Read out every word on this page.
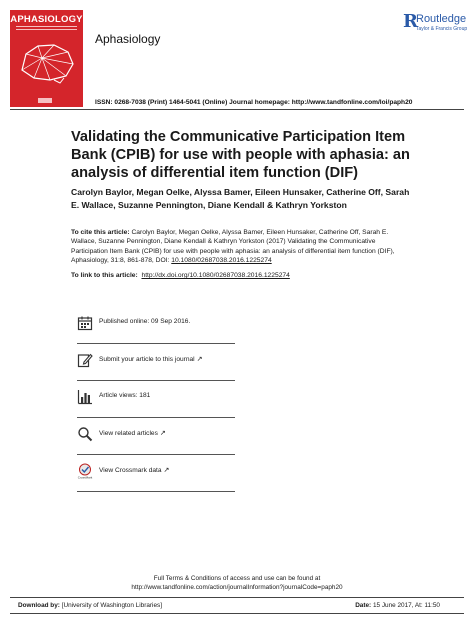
APHASIOLOGY
Aphasiology
R
Routledge
Taylor & Francis Group
ISSN: 0268-7038 (Print) 1464-5041 (Online) Journal homepage: http://www.tandfonline.com/loi/paph20
Validating the Communicative Participation Item Bank (CPIB) for use with people with aphasia: an analysis of differential item function (DIF)
Carolyn Baylor, Megan Oelke, Alyssa Bamer, Eileen Hunsaker, Catherine Off, Sarah E. Wallace, Suzanne Pennington, Diane Kendall & Kathryn Yorkston
To cite this article: Carolyn Baylor, Megan Oelke, Alyssa Bamer, Eileen Hunsaker, Catherine Off, Sarah E. Wallace, Suzanne Pennington, Diane Kendall & Kathryn Yorkston (2017) Validating the Communicative Participation Item Bank (CPIB) for use with people with aphasia: an analysis of differential item function (DIF), Aphasiology, 31:8, 861-878, DOI: 10.1080/02687038.2016.1225274
To link to this article: http://dx.doi.org/10.1080/02687038.2016.1225274
Published online: 09 Sep 2016.
Submit your article to this journal ↗
Article views: 181
View related articles ↗
CrossMark
View Crossmark data ↗
Full Terms & Conditions of access and use can be found at
http://www.tandfonline.com/action/journalInformation?journalCode=paph20
Download by: [University of Washington Libraries]	Date: 15 June 2017, At: 11:50
